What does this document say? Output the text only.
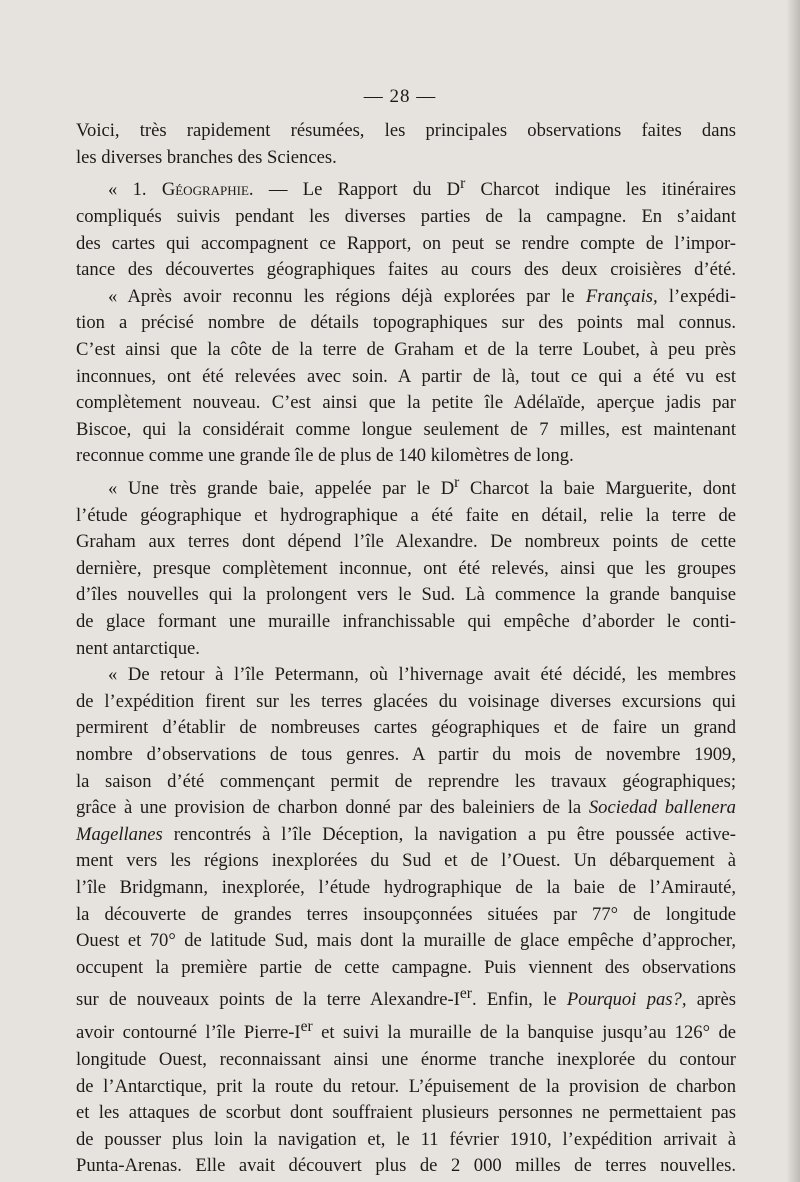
— 28 —
Voici, très rapidement résumées, les principales observations faites dans
les diverses branches des Sciences.
« 1. Géographie. — Le Rapport du $D^r$ Charcot indique les itinéraires
compliqués suivis pendant les diverses parties de la campagne. En s’aidant
des cartes qui accompagnent ce Rapport, on peut se rendre compte de l’impor-
tance des découvertes géographiques faites au cours des deux croisières d’été.
« Après avoir reconnu les régions déjà explorées par le Français, l’expédi-
tion a précisé nombre de détails topographiques sur des points mal connus.
C’est ainsi que la côte de la terre de Graham et de la terre Loubet, à peu près
inconnues, ont été relevées avec soin. A partir de là, tout ce qui a été vu est
complètement nouveau. C’est ainsi que la petite île Adélaïde, aperçue jadis par
Biscoe, qui la considérait comme longue seulement de 7 milles, est maintenant
reconnue comme une grande île de plus de 140 kilomètres de long.
« Une très grande baie, appelée par le $D^r$ Charcot la baie Marguerite, dont
l’étude géographique et hydrographique a été faite en détail, relie la terre de
Graham aux terres dont dépend l’île Alexandre. De nombreux points de cette
dernière, presque complètement inconnue, ont été relevés, ainsi que les groupes
d’îles nouvelles qui la prolongent vers le Sud. Là commence la grande banquise
de glace formant une muraille infranchissable qui empêche d’aborder le conti-
nent antarctique.
« De retour à l’île Petermann, où l’hivernage avait été décidé, les membres
de l’expédition firent sur les terres glacées du voisinage diverses excursions qui
permirent d’établir de nombreuses cartes géographiques et de faire un grand
nombre d’observations de tous genres. A partir du mois de novembre 1909,
la saison d’été commençant permit de reprendre les travaux géographiques;
grâce à une provision de charbon donné par des baleiniers de la Sociedad ballenera
Magellanes rencontrés à l’île Déception, la navigation a pu être poussée active-
ment vers les régions inexplorées du Sud et de l’Ouest. Un débarquement à
l’île Bridgmann, inexplorée, l’étude hydrographique de la baie de l’Amirauté,
la découverte de grandes terres insoupçonnées situées par 77° de longitude
Ouest et 70° de latitude Sud, mais dont la muraille de glace empêche d’approcher,
occupent la première partie de cette campagne. Puis viennent des observations
sur de nouveaux points de la terre Alexandre-Ier. Enfin, le Pourquoi pas?, après
avoir contourné l’île Pierre-Ier et suivi la muraille de la banquise jusqu’au 126° de
longitude Ouest, reconnaissant ainsi une énorme tranche inexplorée du contour
de l’Antarctique, prit la route du retour. L’épuisement de la provision de charbon
et les attaques de scorbut dont souffraient plusieurs personnes ne permettaient pas
de pousser plus loin la navigation et, le 11 février 1910, l’expédition arrivait à
Punta-Arenas. Elle avait découvert plus de 2 000 milles de terres nouvelles.
